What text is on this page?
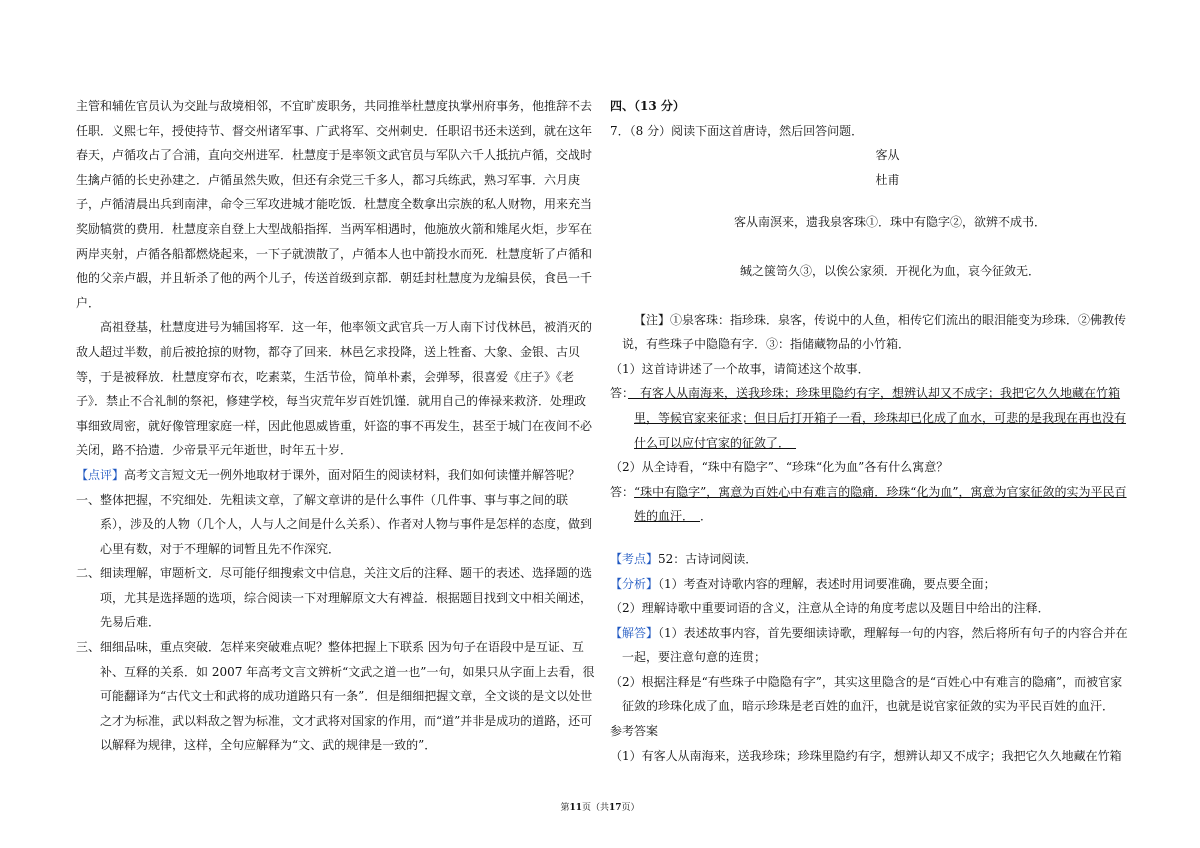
主管和辅佐官员认为交趾与敌境相邻，不宜旷废职务，共同推举杜慧度执掌州府事务，他推辞不去任职．义熙七年，授使持节、督交州诸军事、广武将军、交州刺史．任职诏书还未送到，就在这年春天，卢循攻占了合浦，直向交州进军．杜慧度于是率领文武官员与军队六千人抵抗卢循，交战时生擒卢循的长史孙建之．卢循虽然失败，但还有余党三千多人，都习兵练武，熟习军事．六月庚子，卢循清晨出兵到南津，命令三军攻进城才能吃饭．杜慧度全数拿出宗族的私人财物，用来充当奖励犒赏的费用．杜慧度亲自登上大型战船指挥．当两军相遇时，他施放火箭和雉尾火炬，步军在两岸夹射，卢循各船都燃烧起来，一下子就溃散了，卢循本人也中箭投水而死．杜慧度斩了卢循和他的父亲卢嘏，并且斩杀了他的两个儿子，传送首级到京都．朝廷封杜慧度为龙编县侯，食邑一千户．

高祖登基，杜慧度进号为辅国将军．这一年，他率领文武官兵一万人南下讨伐林邑，被消灭的敌人超过半数，前后被抢掠的财物，都夺了回来．林邑乞求投降，送上牲畜、大象、金银、古贝等，于是被释放．杜慧度穿布衣，吃素菜，生活节俭，简单朴素，会弹琴，很喜爱《庄子》《老子》．禁止不合礼制的祭祀，修建学校，每当灾荒年岁百姓饥馑．就用自己的俸禄来救济．处理政事细致周密，就好像管理家庭一样，因此他恩威皆重，奸盗的事不再发生，甚至于城门在夜间不必关闭，路不拾遗．少帝景平元年逝世，时年五十岁．

【点评】高考文言短文无一例外地取材于课外，面对陌生的阅读材料，我们如何读懂并解答呢？

一、整体把握，不究细处．先粗读文章，了解文章讲的是什么事件（几件事、事与事之间的联系），涉及的人物（几个人，人与人之间是什么关系）、作者对人物与事件是怎样的态度，做到心里有数，对于不理解的词暂且先不作深究．

二、细读理解，审题析文．尽可能仔细搜索文中信息，关注文后的注释、题干的表述、选择题的选项，尤其是选择题的选项，综合阅读一下对理解原文大有裨益．根据题目找到文中相关阐述，先易后难．

三、细细品味，重点突破．怎样来突破难点呢？整体把握上下联系 因为句子在语段中是互证、互补、互释的关系．如 2007 年高考文言文辨析“文武之道一也”一句，如果只从字面上去看，很可能翻译为“古代文士和武将的成功道路只有一条”．但是细细把握文章，全文谈的是文以处世之才为标准，武以料敌之智为标准，文才武将对国家的作用，而“道”并非是成功的道路，还可以解释为规律，这样，全句应解释为“文、武的规律是一致的”．

四、（13 分）

7．（8 分）阅读下面这首唐诗，然后回答问题．

客从

杜甫

客从南溟来，遗我泉客珠①．珠中有隐字②，欲辨不成书．

缄之箧笥久③，以俟公家须．开视化为血，哀今征敛无．

【注】①泉客珠：指珍珠．泉客，传说中的人鱼，相传它们流出的眼泪能变为珍珠．②佛教传说，有些珠子中隐隐有字．③：指储藏物品的小竹箱．

（1）这首诗讲述了一个故事，请简述这个故事．

答：　有客人从南海来，送我珍珠；珍珠里隐约有字，想辨认却又不成字；我把它久久地藏在竹箱里，等候官家来征求；但日后打开箱子一看，珍珠却已化成了血水，可悲的是我现在再也没有什么可以应付官家的征敛了．　

（2）从全诗看，“珠中有隐字”、“珍珠“化为血”各有什么寓意？

答：“珠中有隐字”，寓意为百姓心中有难言的隐痛．珍珠“化为血”，寓意为官家征敛的实为平民百姓的血汗．　．

【考点】52：古诗词阅读．

【分析】（1）考查对诗歌内容的理解，表述时用词要准确，要点要全面；

（2）理解诗歌中重要词语的含义，注意从全诗的角度考虑以及题目中给出的注释．

【解答】（1）表述故事内容，首先要细读诗歌，理解每一句的内容，然后将所有句子的内容合并在一起，要注意句意的连贯；

（2）根据注释是“有些珠子中隐隐有字”，其实这里隐含的是“百姓心中有难言的隐痛”，而被官家征敛的珍珠化成了血，暗示珍珠是老百姓的血汗，也就是说官家征敛的实为平民百姓的血汗．

参考答案

（1）有客人从南海来，送我珍珠；珍珠里隐约有字，想辨认却又不成字；我把它久久地藏在竹箱

第11页（共17页）
